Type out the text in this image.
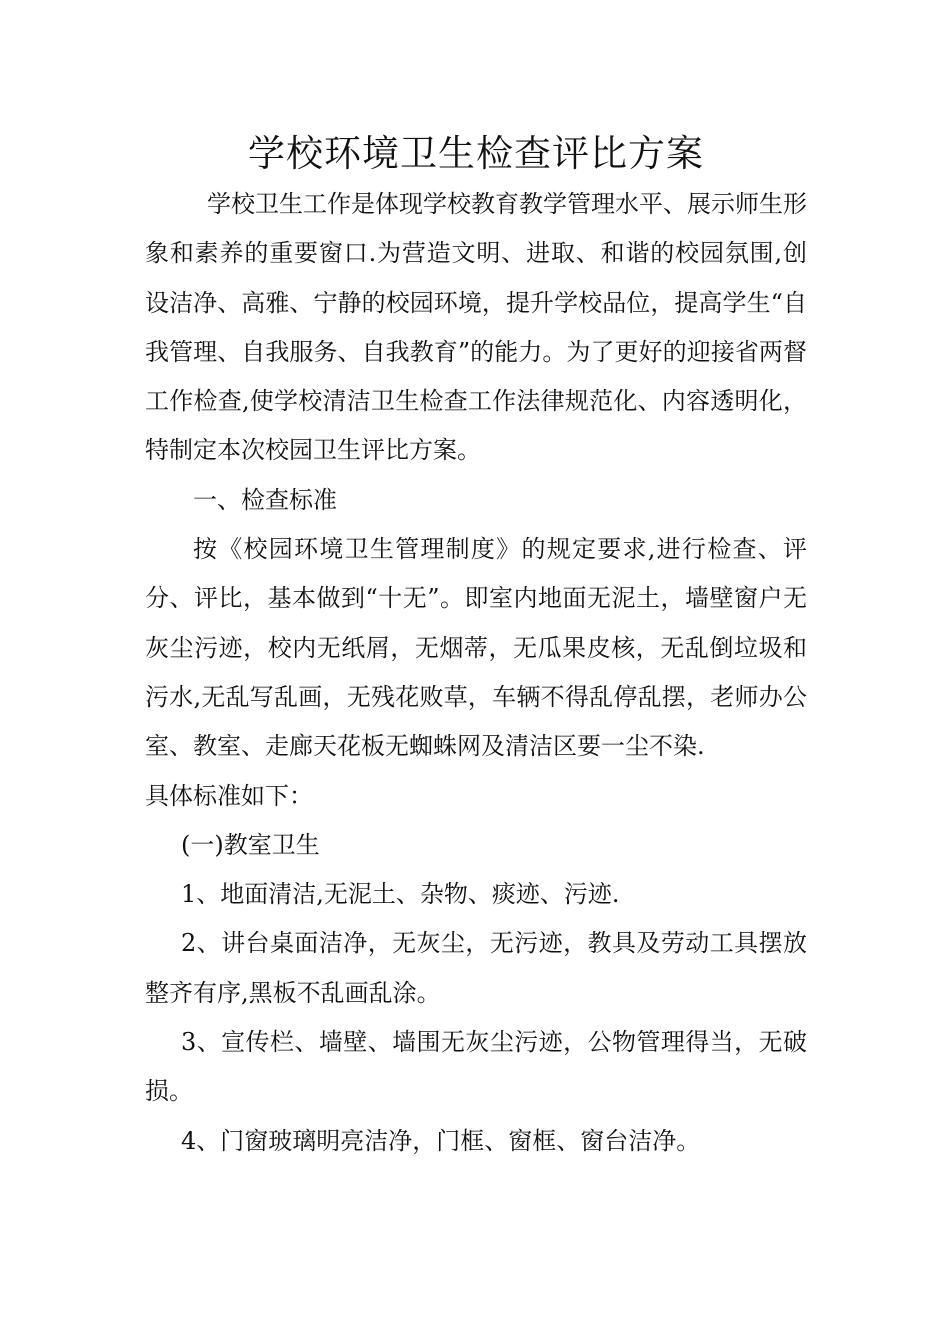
学校环境卫生检查评比方案

学校卫生工作是体现学校教育教学管理水平、展示师生形象和素养的重要窗口.为营造文明、进取、和谐的校园氛围,创设洁净、高雅、宁静的校园环境，提升学校品位，提高学生“自我管理、自我服务、自我教育”的能力。为了更好的迎接省两督工作检查,使学校清洁卫生检查工作法律规范化、内容透明化，特制定本次校园卫生评比方案。

一、检查标准

按《校园环境卫生管理制度》的规定要求,进行检查、评分、评比，基本做到“十无”。即室内地面无泥土，墙壁窗户无灰尘污迹，校内无纸屑，无烟蒂，无瓜果皮核，无乱倒垃圾和污水,无乱写乱画，无残花败草，车辆不得乱停乱摆，老师办公室、教室、走廊天花板无蜘蛛网及清洁区要一尘不染.

具体标准如下：

(一)教室卫生

1、地面清洁,无泥土、杂物、痰迹、污迹.

2、讲台桌面洁净，无灰尘，无污迹，教具及劳动工具摆放整齐有序,黑板不乱画乱涂。

3、宣传栏、墙壁、墙围无灰尘污迹，公物管理得当，无破损。

4、门窗玻璃明亮洁净，门框、窗框、窗台洁净。
